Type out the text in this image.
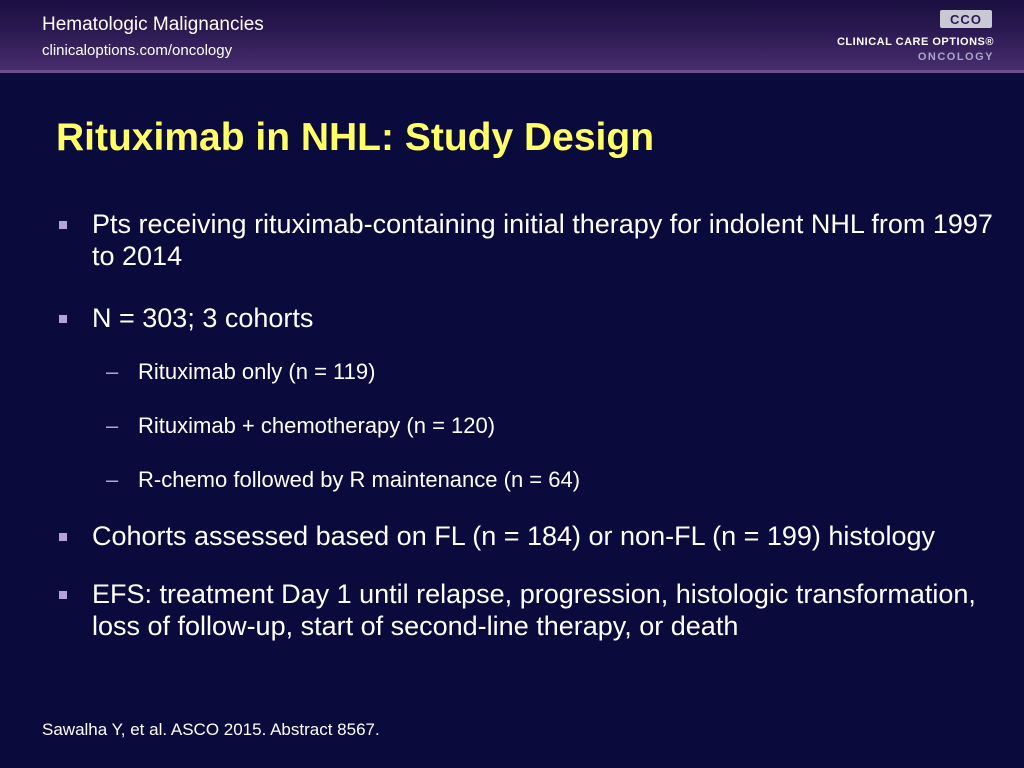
Hematologic Malignancies
clinicaloptions.com/oncology
CCO
CLINICAL CARE OPTIONS®
ONCOLOGY
Rituximab in NHL: Study Design
Pts receiving rituximab-containing initial therapy for indolent NHL from 1997 to 2014
N = 303; 3 cohorts
– Rituximab only (n = 119)
– Rituximab + chemotherapy (n = 120)
– R-chemo followed by R maintenance (n = 64)
Cohorts assessed based on FL (n = 184) or non-FL (n = 199) histology
EFS: treatment Day 1 until relapse, progression, histologic transformation, loss of follow-up, start of second-line therapy, or death
Sawalha Y, et al. ASCO 2015. Abstract 8567.
